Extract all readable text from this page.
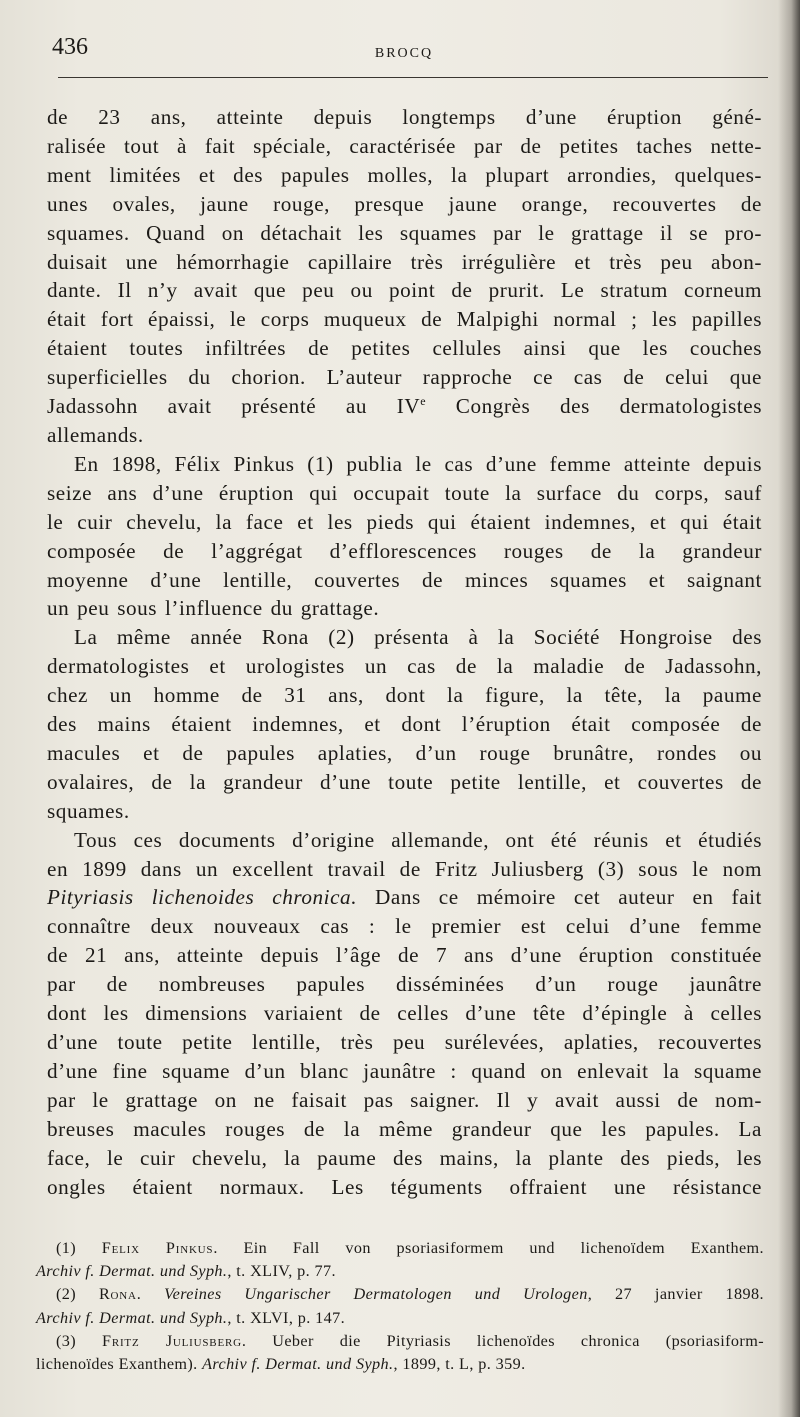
436	BROCQ
de 23 ans, atteinte depuis longtemps d’une éruption géné-
ralisée tout à fait spéciale, caractérisée par de petites taches nette-
ment limitées et des papules molles, la plupart arrondies, quelques-
unes ovales, jaune rouge, presque jaune orange, recouvertes de
squames. Quand on détachait les squames par le grattage il se pro-
duisait une hémorrhagie capillaire très irrégulière et très peu abon-
dante. Il n’y avait que peu ou point de prurit. Le stratum corneum
était fort épaissi, le corps muqueux de Malpighi normal ; les papilles
étaient toutes infiltrées de petites cellules ainsi que les couches
superficielles du chorion. L’auteur rapproche ce cas de celui que
Jadassohn avait présenté au IVe Congrès des dermatologistes
allemands.
En 1898, Félix Pinkus (1) publia le cas d’une femme atteinte depuis
seize ans d’une éruption qui occupait toute la surface du corps, sauf
le cuir chevelu, la face et les pieds qui étaient indemnes, et qui était
composée de l’aggrégat d’efflorescences rouges de la grandeur
moyenne d’une lentille, couvertes de minces squames et saignant
un peu sous l’influence du grattage.
La même année Rona (2) présenta à la Société Hongroise des
dermatologistes et urologistes un cas de la maladie de Jadassohn,
chez un homme de 31 ans, dont la figure, la tête, la paume
des mains étaient indemnes, et dont l’éruption était composée de
macules et de papules aplaties, d’un rouge brunâtre, rondes ou
ovalaires, de la grandeur d’une toute petite lentille, et couvertes de
squames.
Tous ces documents d’origine allemande, ont été réunis et étudiés
en 1899 dans un excellent travail de Fritz Juliusberg (3) sous le nom
Pityriasis lichenoides chronica. Dans ce mémoire cet auteur en fait
connaître deux nouveaux cas : le premier est celui d’une femme
de 21 ans, atteinte depuis l’âge de 7 ans d’une éruption constituée
par de nombreuses papules disséminées d’un rouge jaunâtre
dont les dimensions variaient de celles d’une tête d’épingle à celles
d’une toute petite lentille, très peu surélevées, aplaties, recouvertes
d’une fine squame d’un blanc jaunâtre : quand on enlevait la squame
par le grattage on ne faisait pas saigner. Il y avait aussi de nom-
breuses macules rouges de la même grandeur que les papules. La
face, le cuir chevelu, la paume des mains, la plante des pieds, les
ongles étaient normaux. Les téguments offraient une résistance
(1) Felix Pinkus. Ein Fall von psoriasiformem und lichenoïdem Exanthem.
Archiv f. Dermat. und Syph., t. XLIV, p. 77.
(2) Rona. Vereines Ungarischer Dermatologen und Urologen, 27 janvier 1898.
Archiv f. Dermat. und Syph., t. XLVI, p. 147.
(3) Fritz Juliusberg. Ueber die Pityriasis lichenoïdes chronica (psoriasiform-
lichenoïdes Exanthem). Archiv f. Dermat. und Syph., 1899, t. L, p. 359.
